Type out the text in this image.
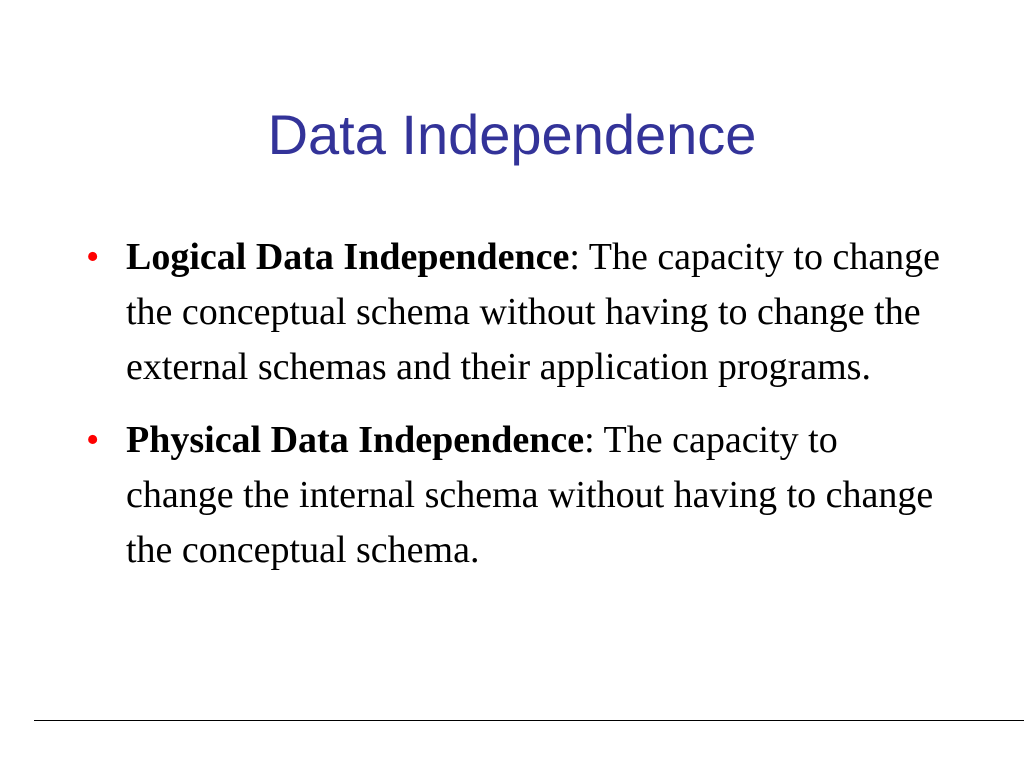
Data Independence
• Logical Data Independence: The capacity to change the conceptual schema without having to change the external schemas and their application programs.
• Physical Data Independence: The capacity to change the internal schema without having to change the conceptual schema.
